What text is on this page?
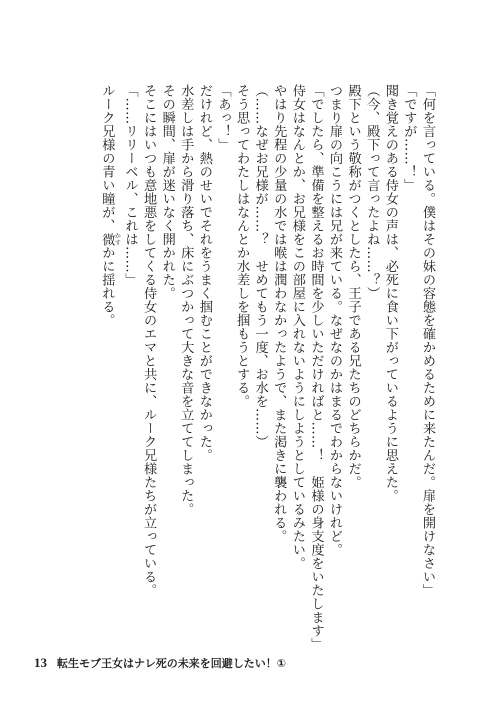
「何を言っている。僕はその妹の容態を確かめるために来たんだ。扉を開けなさい」

「ですが……！」

聞き覚えのある侍女の声は、必死に食い下がっているように思えた。

（今、殿下って言ったよね……？）

殿下という敬称がつくとしたら、王子である兄たちのどちらかだ。

つまり扉の向こうには兄が来ている。なぜなのかはまるでわからないけれど。

「でしたら、準備を整えるお時間を少しいただければと……！　姫様の身支度をいたします」

侍女はなんとか、お兄様をこの部屋に入れないようにしようとしているみたい。

やはり先程の少量の水では喉は潤わなかったようで、また渇きに襲われる。

（……なぜお兄様が……？　せめてもう一度、お水を……）

そう思ってわたしはなんとか水差しを掴もうとする。

「あっ！」

だけれど、熱のせいでそれをうまく掴むことができなかった。

水差しは手から滑り落ち、床にぶつかって大きな音を立ててしまった。

その瞬間、扉が迷いなく開かれた。

そこにはいつも意地悪をしてくる侍女のエマと共に、ルーク兄様たちが立っている。

「……リリーベル、これは……」

ルーク兄様の青い瞳が、微 かすかに揺れる。

13 転生モブ王女はナレ死の未来を回避したい！①
